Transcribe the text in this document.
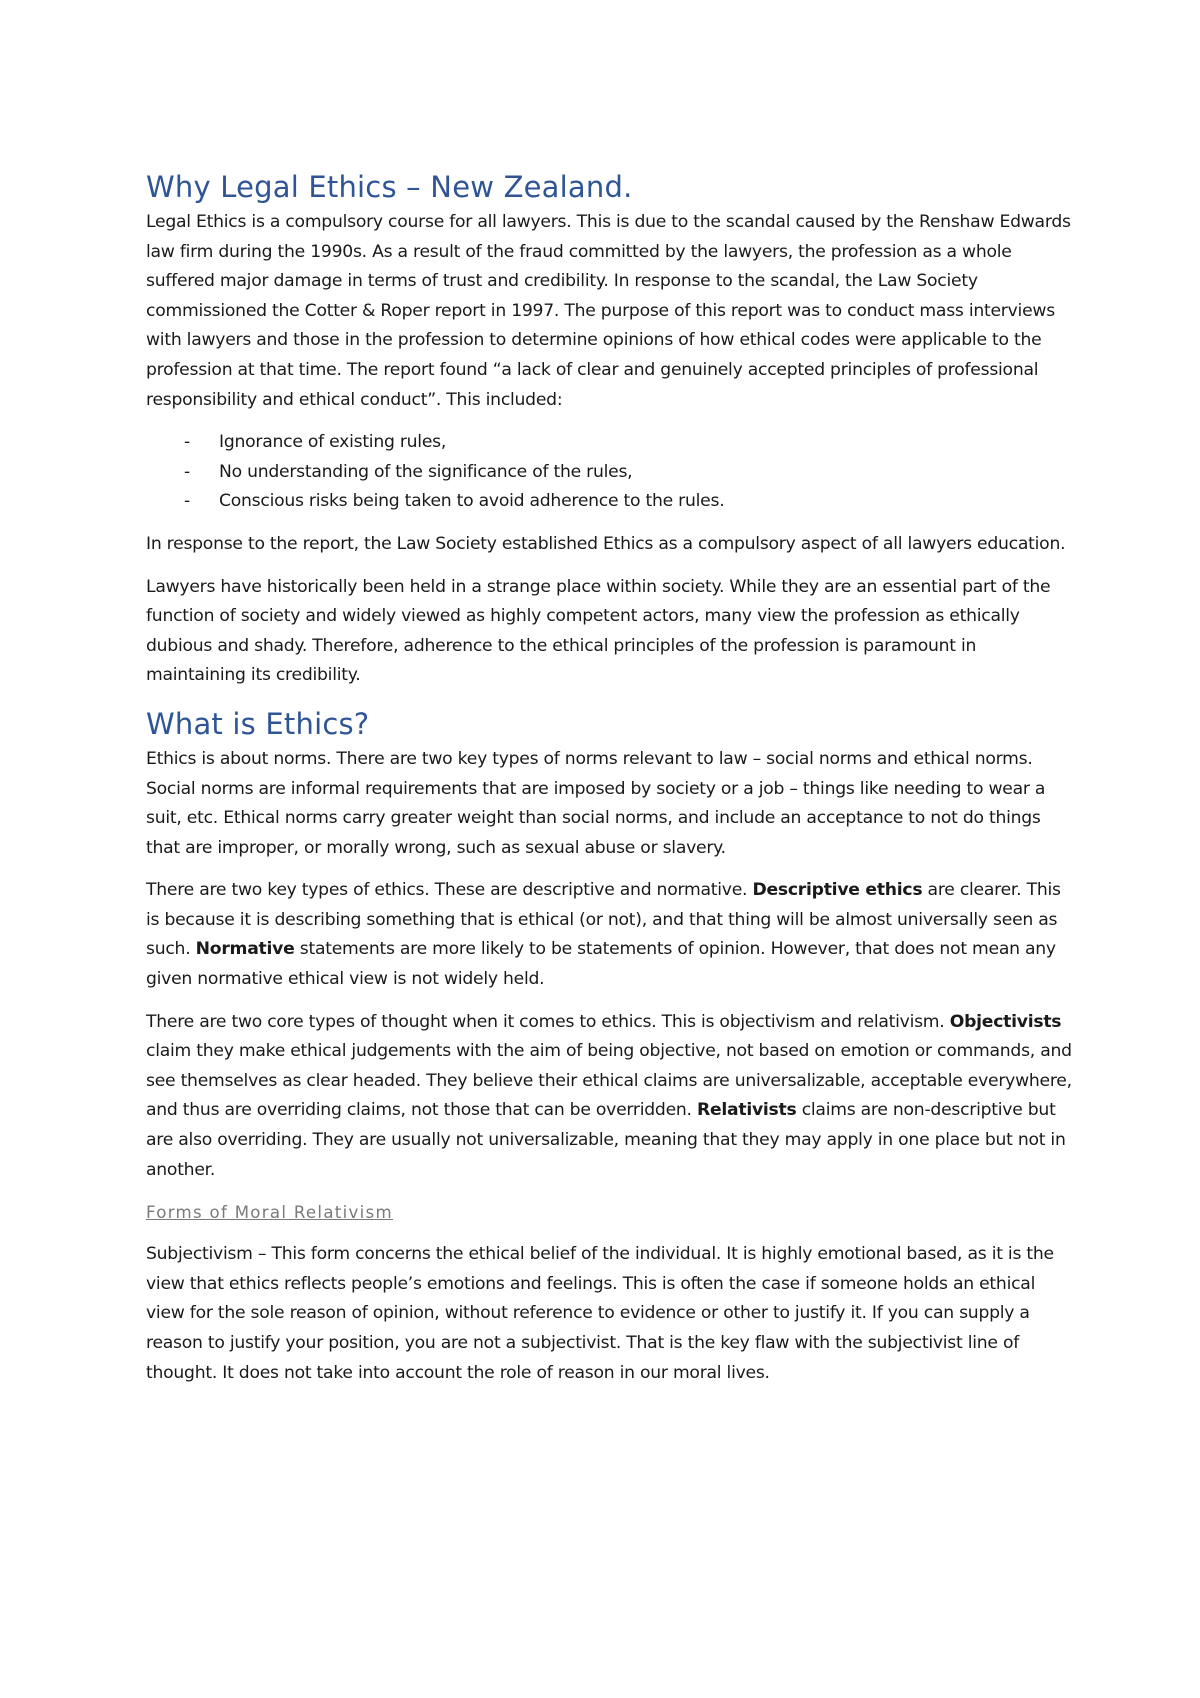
Why Legal Ethics – New Zealand.

Legal Ethics is a compulsory course for all lawyers. This is due to the scandal caused by the Renshaw Edwards law firm during the 1990s. As a result of the fraud committed by the lawyers, the profession as a whole suffered major damage in terms of trust and credibility. In response to the scandal, the Law Society commissioned the Cotter & Roper report in 1997. The purpose of this report was to conduct mass interviews with lawyers and those in the profession to determine opinions of how ethical codes were applicable to the profession at that time. The report found “a lack of clear and genuinely accepted principles of professional responsibility and ethical conduct”. This included:

- Ignorance of existing rules,
- No understanding of the significance of the rules,
- Conscious risks being taken to avoid adherence to the rules.

In response to the report, the Law Society established Ethics as a compulsory aspect of all lawyers education.

Lawyers have historically been held in a strange place within society. While they are an essential part of the function of society and widely viewed as highly competent actors, many view the profession as ethically dubious and shady. Therefore, adherence to the ethical principles of the profession is paramount in maintaining its credibility.

What is Ethics?

Ethics is about norms. There are two key types of norms relevant to law – social norms and ethical norms. Social norms are informal requirements that are imposed by society or a job – things like needing to wear a suit, etc. Ethical norms carry greater weight than social norms, and include an acceptance to not do things that are improper, or morally wrong, such as sexual abuse or slavery.

There are two key types of ethics. These are descriptive and normative. Descriptive ethics are clearer. This is because it is describing something that is ethical (or not), and that thing will be almost universally seen as such. Normative statements are more likely to be statements of opinion. However, that does not mean any given normative ethical view is not widely held.

There are two core types of thought when it comes to ethics. This is objectivism and relativism. Objectivists claim they make ethical judgements with the aim of being objective, not based on emotion or commands, and see themselves as clear headed. They believe their ethical claims are universalizable, acceptable everywhere, and thus are overriding claims, not those that can be overridden. Relativists claims are non-descriptive but are also overriding. They are usually not universalizable, meaning that they may apply in one place but not in another.

Forms of Moral Relativism

Subjectivism – This form concerns the ethical belief of the individual. It is highly emotional based, as it is the view that ethics reflects people’s emotions and feelings. This is often the case if someone holds an ethical view for the sole reason of opinion, without reference to evidence or other to justify it. If you can supply a reason to justify your position, you are not a subjectivist. That is the key flaw with the subjectivist line of thought. It does not take into account the role of reason in our moral lives.
